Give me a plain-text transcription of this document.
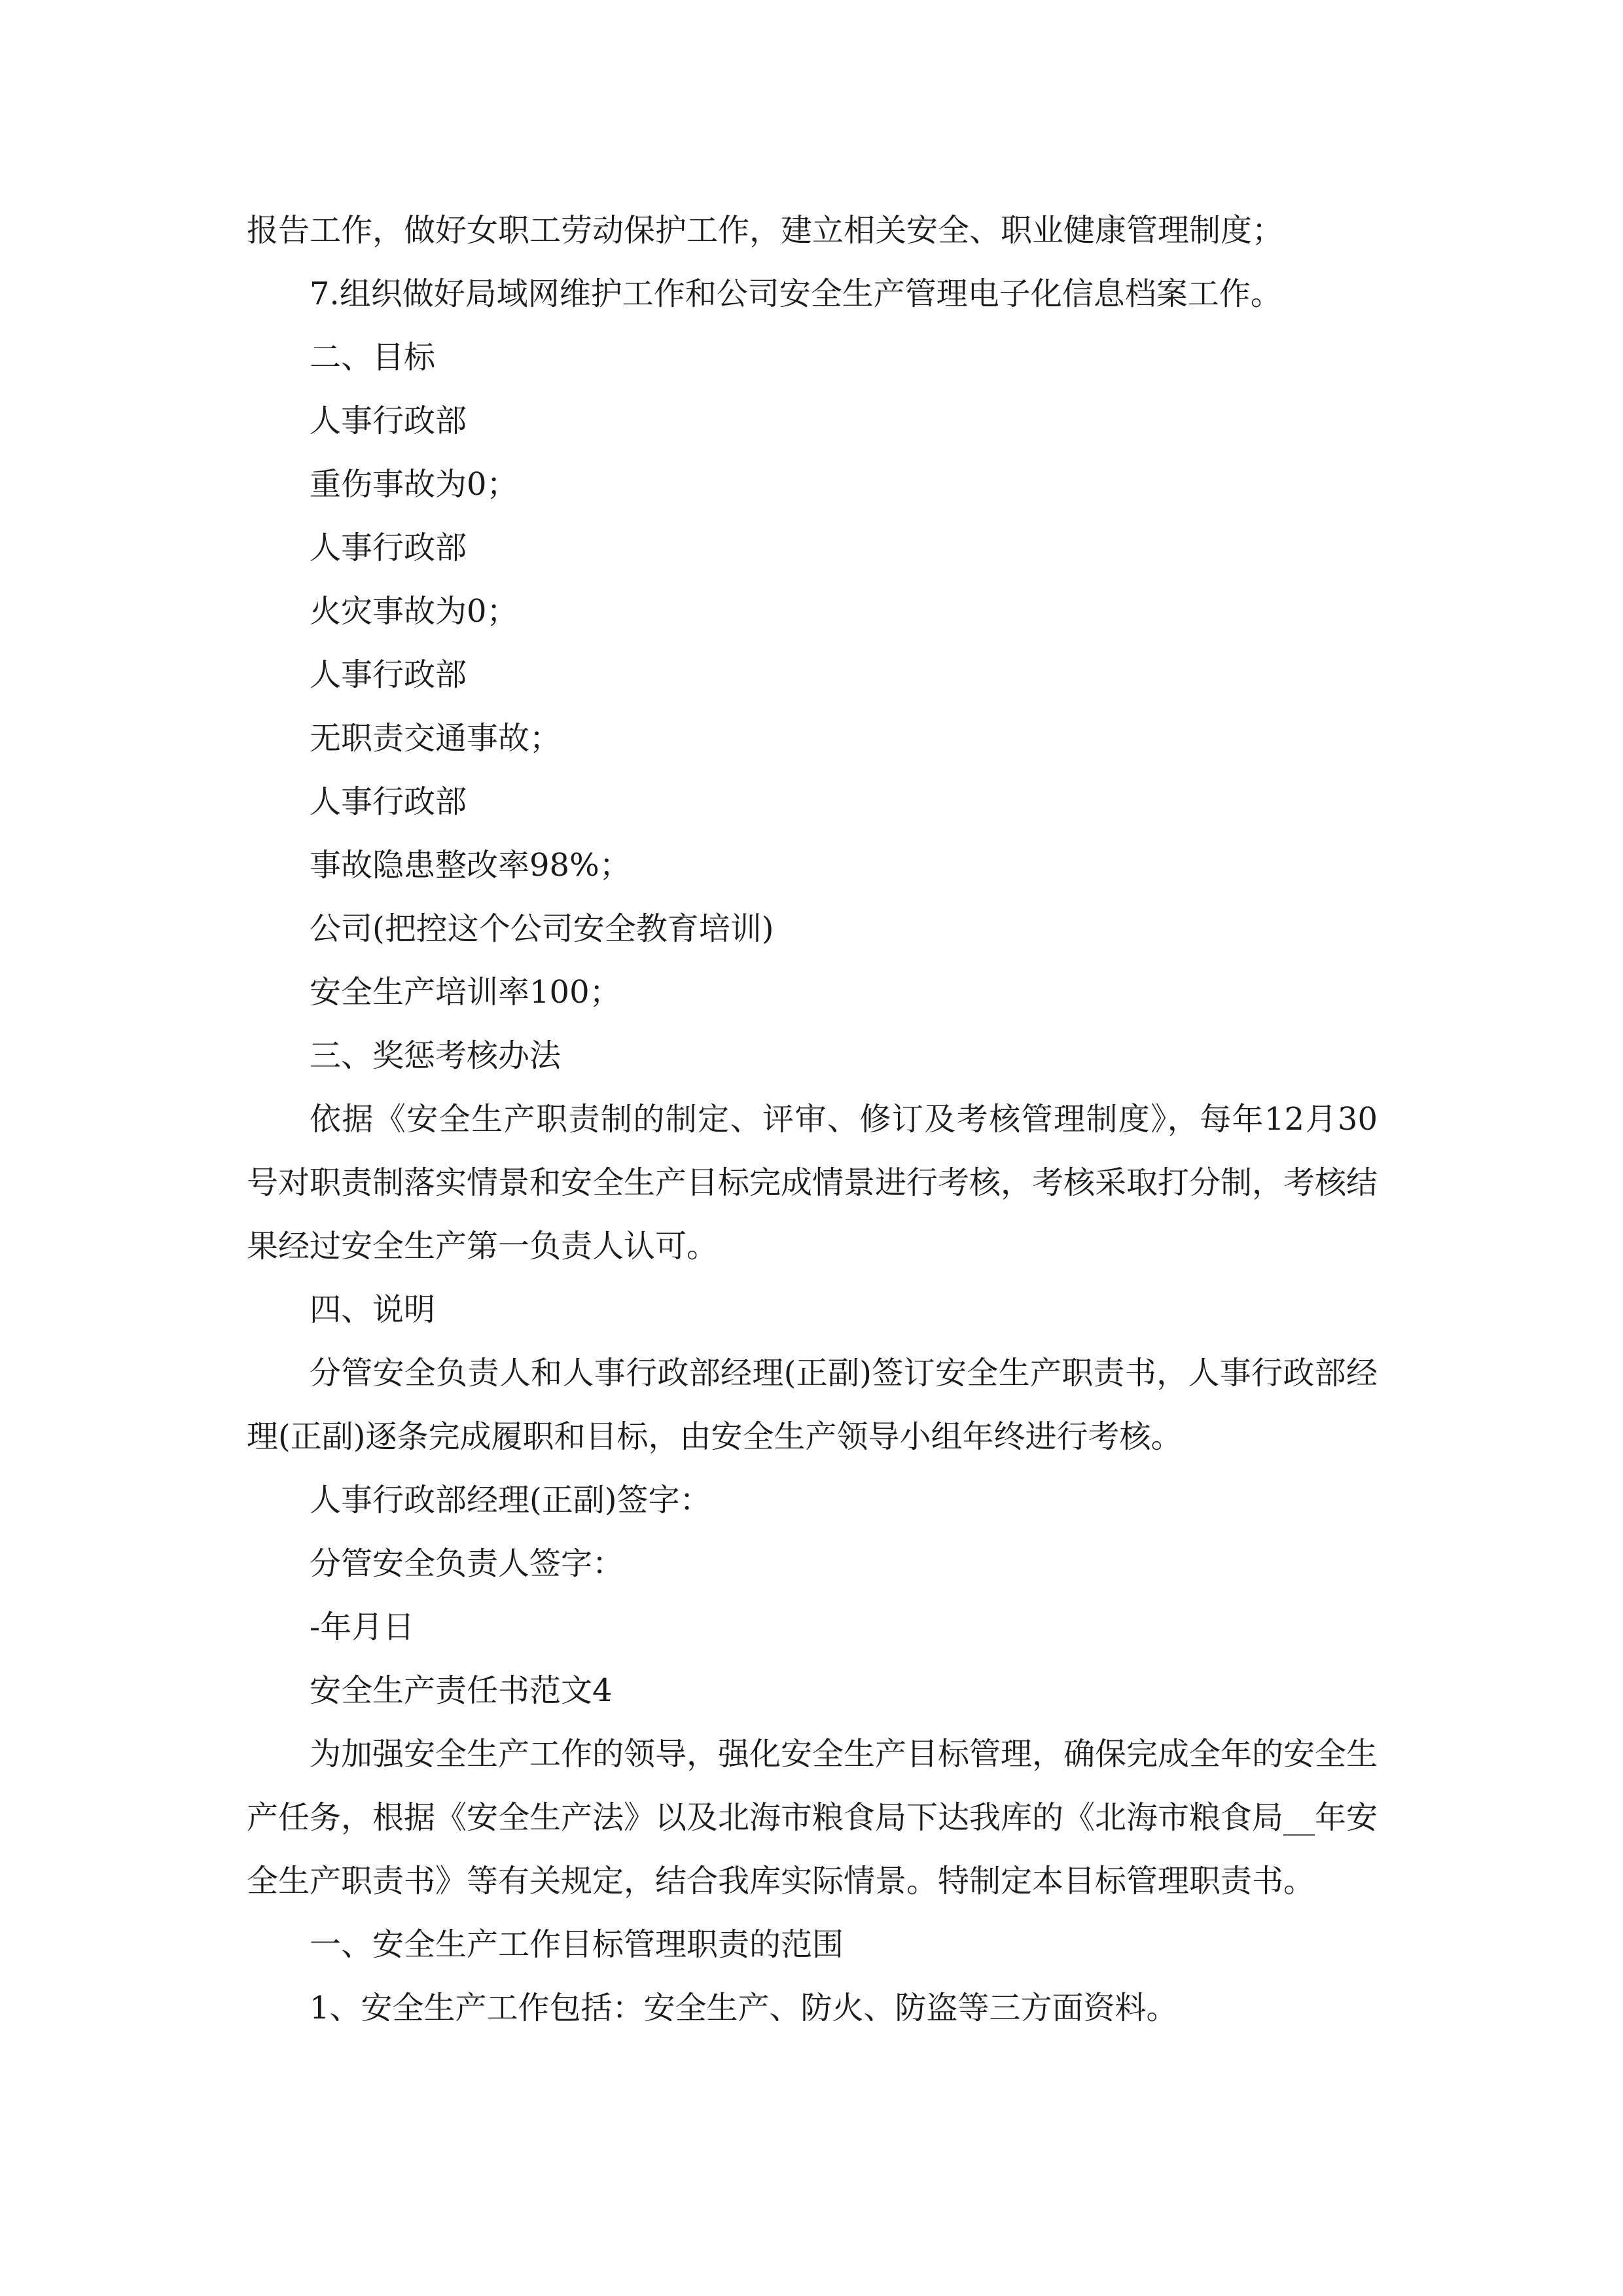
报告工作，做好女职工劳动保护工作，建立相关安全、职业健康管理制度；

7.组织做好局域网维护工作和公司安全生产管理电子化信息档案工作。

二、目标

人事行政部

重伤事故为0；

人事行政部

火灾事故为0；

人事行政部

无职责交通事故；

人事行政部

事故隐患整改率98%；

公司(把控这个公司安全教育培训)

安全生产培训率100；

三、奖惩考核办法

依据《安全生产职责制的制定、评审、修订及考核管理制度》，每年12月30号对职责制落实情景和安全生产目标完成情景进行考核，考核采取打分制，考核结果经过安全生产第一负责人认可。

四、说明

分管安全负责人和人事行政部经理(正副)签订安全生产职责书，人事行政部经理(正副)逐条完成履职和目标，由安全生产领导小组年终进行考核。

人事行政部经理(正副)签字：

分管安全负责人签字：

-年月日

安全生产责任书范文4

为加强安全生产工作的领导，强化安全生产目标管理，确保完成全年的安全生产任务，根据《安全生产法》以及北海市粮食局下达我库的《北海市粮食局__年安全生产职责书》等有关规定，结合我库实际情景。特制定本目标管理职责书。

一、安全生产工作目标管理职责的范围

1、安全生产工作包括：安全生产、防火、防盗等三方面资料。
